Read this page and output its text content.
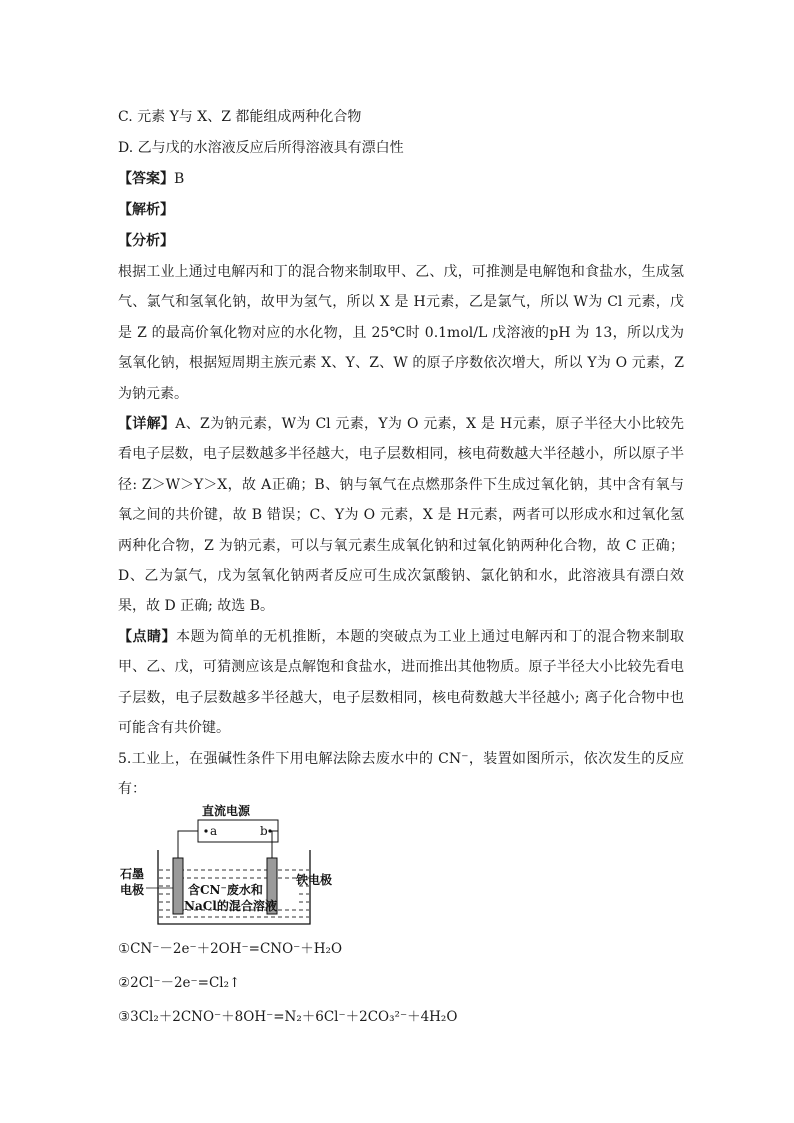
C. 元素 Y与 X、Z 都能组成两种化合物
D. 乙与戊的水溶液反应后所得溶液具有漂白性
【答案】B
【解析】
【分析】
根据工业上通过电解丙和丁的混合物来制取甲、乙、戊，可推测是电解饱和食盐水，生成氢气、氯气和氢氧化钠，故甲为氢气，所以 X 是 H元素，乙是氯气，所以 W为 Cl 元素，戊是 Z 的最高价氧化物对应的水化物，且 25℃时 0.1mol/L 戊溶液的pH 为 13，所以戊为氢氧化钠，根据短周期主族元素 X、Y、Z、W 的原子序数依次增大，所以 Y为 O 元素，Z 为钠元素。
【详解】A、Z为钠元素，W为 Cl 元素，Y为 O 元素，X 是 H元素，原子半径大小比较先看电子层数，电子层数越多半径越大，电子层数相同，核电荷数越大半径越小，所以原子半径: Z＞W＞Y＞X，故 A正确；B、钠与氧气在点燃那条件下生成过氧化钠，其中含有氧与氧之间的共价键，故 B 错误；C、Y为 O 元素，X 是 H元素，两者可以形成水和过氧化氢两种化合物，Z 为钠元素，可以与氧元素生成氧化钠和过氧化钠两种化合物，故 C 正确；D、乙为氯气，戊为氢氧化钠两者反应可生成次氯酸钠、氯化钠和水，此溶液具有漂白效果，故 D 正确; 故选 B。
【点睛】本题为简单的无机推断，本题的突破点为工业上通过电解丙和丁的混合物来制取甲、乙、戊，可猜测应该是点解饱和食盐水，进而推出其他物质。原子半径大小比较先看电子层数，电子层数越多半径越大，电子层数相同，核电荷数越大半径越小; 离子化合物中也可能含有共价键。
5.工业上，在强碱性条件下用电解法除去废水中的 CN⁻，装置如图所示，依次发生的反应有：
直流电源
a	b
石墨
电极
铁电极
含CN⁻废水和
NaCl的混合溶液
①CN⁻－2e⁻＋2OH⁻=CNO⁻＋H₂O
②2Cl⁻－2e⁻=Cl₂↑
③3Cl₂＋2CNO⁻＋8OH⁻=N₂＋6Cl⁻＋2CO₃²⁻＋4H₂O
